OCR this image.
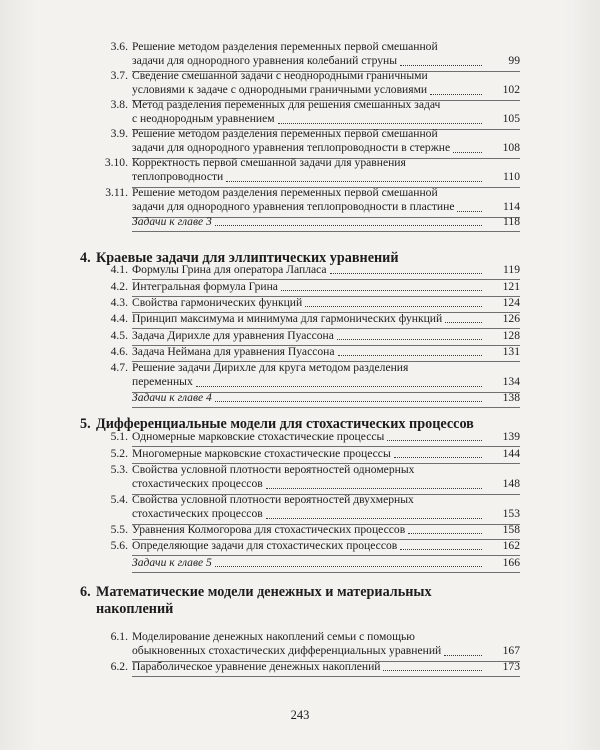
4. Краевые задачи для эллиптических уравнений
5. Дифференциальные модели для стохастических процессов
6. Математические модели денежных и материальных
накоплений
3.6. Решение методом разделения переменных первой смешанной
задачи для однородного уравнения колебаний струны	99
3.7. Сведение смешанной задачи с неоднородными граничными
условиями к задаче с однородными граничными условиями	102
3.8. Метод разделения переменных для решения смешанных задач
с неоднородным уравнением	105
3.9. Решение методом разделения переменных первой смешанной
задачи для однородного уравнения теплопроводности в стержне	108
3.10. Корректность первой смешанной задачи для уравнения
теплопроводности	110
3.11. Решение методом разделения переменных первой смешанной
задачи для однородного уравнения теплопроводности в пластине	114
Задачи к главе 3	118
4.1. Формулы Грина для оператора Лапласа	119
4.2. Интегральная формула Грина	121
4.3. Свойства гармонических функций	124
4.4. Принцип максимума и минимума для гармонических функций	126
4.5. Задача Дирихле для уравнения Пуассона	128
4.6. Задача Неймана для уравнения Пуассона	131
4.7. Решение задачи Дирихле для круга методом разделения
переменных	134
Задачи к главе 4	138
5.1. Одномерные марковские стохастические процессы	139
5.2. Многомерные марковские стохастические процессы	144
5.3. Свойства условной плотности вероятностей одномерных
стохастических процессов	148
5.4. Свойства условной плотности вероятностей двухмерных
стохастических процессов	153
5.5. Уравнения Колмогорова для стохастических процессов	158
5.6. Определяющие задачи для стохастических процессов	162
Задачи к главе 5	166
6.1. Моделирование денежных накоплений семьи с помощью
обыкновенных стохастических дифференциальных уравнений	167
6.2. Параболическое уравнение денежных накоплений	173
243
